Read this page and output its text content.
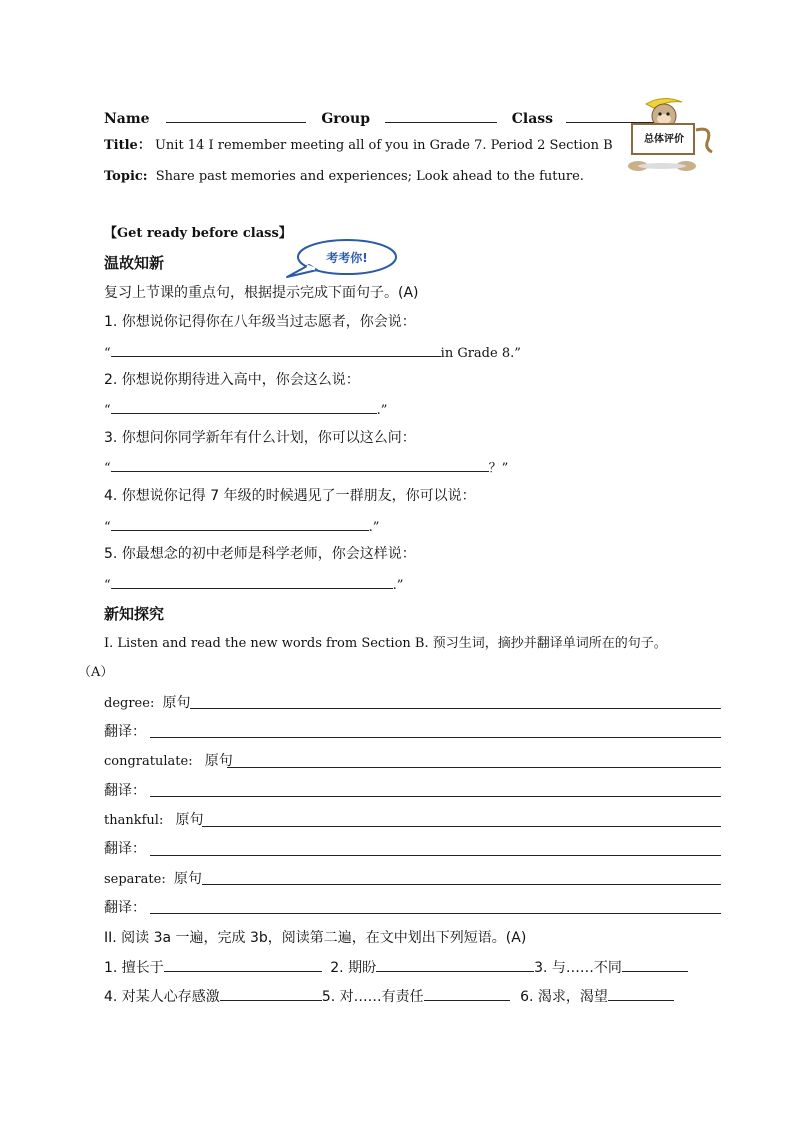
Name	Group	Class
Title： Unit 14 I remember meeting all of you in Grade 7. Period 2 Section B
Topic: Share past memories and experiences; Look ahead to the future.
总体评价
【Get ready before class】
温故知新	考考你!
复习上节课的重点句，根据提示完成下面句子。(A)
1. 你想说你记得你在八年级当过志愿者，你会说：
“	in Grade 8.”
2. 你想说你期待进入高中，你会这么说：
“	.”
3. 你想问你同学新年有什么计划，你可以这么问：
“	？”
4. 你想说你记得 7 年级的时候遇见了一群朋友，你可以说：
“	.”
5. 你最想念的初中老师是科学老师，你会这样说：
“	.”
新知探究
I. Listen and read the new words from Section B. 预习生词，摘抄并翻译单词所在的句子。
（A）
degree: 原句
翻译：
congratulate: 原句
翻译：
thankful: 原句
翻译：
separate: 原句
翻译：
II. 阅读 3a 一遍，完成 3b，阅读第二遍，在文中划出下列短语。(A)
1. 擅长于	2. 期盼	3. 与……不同
4. 对某人心存感激	5. 对……有责任	6. 渴求，渴望
